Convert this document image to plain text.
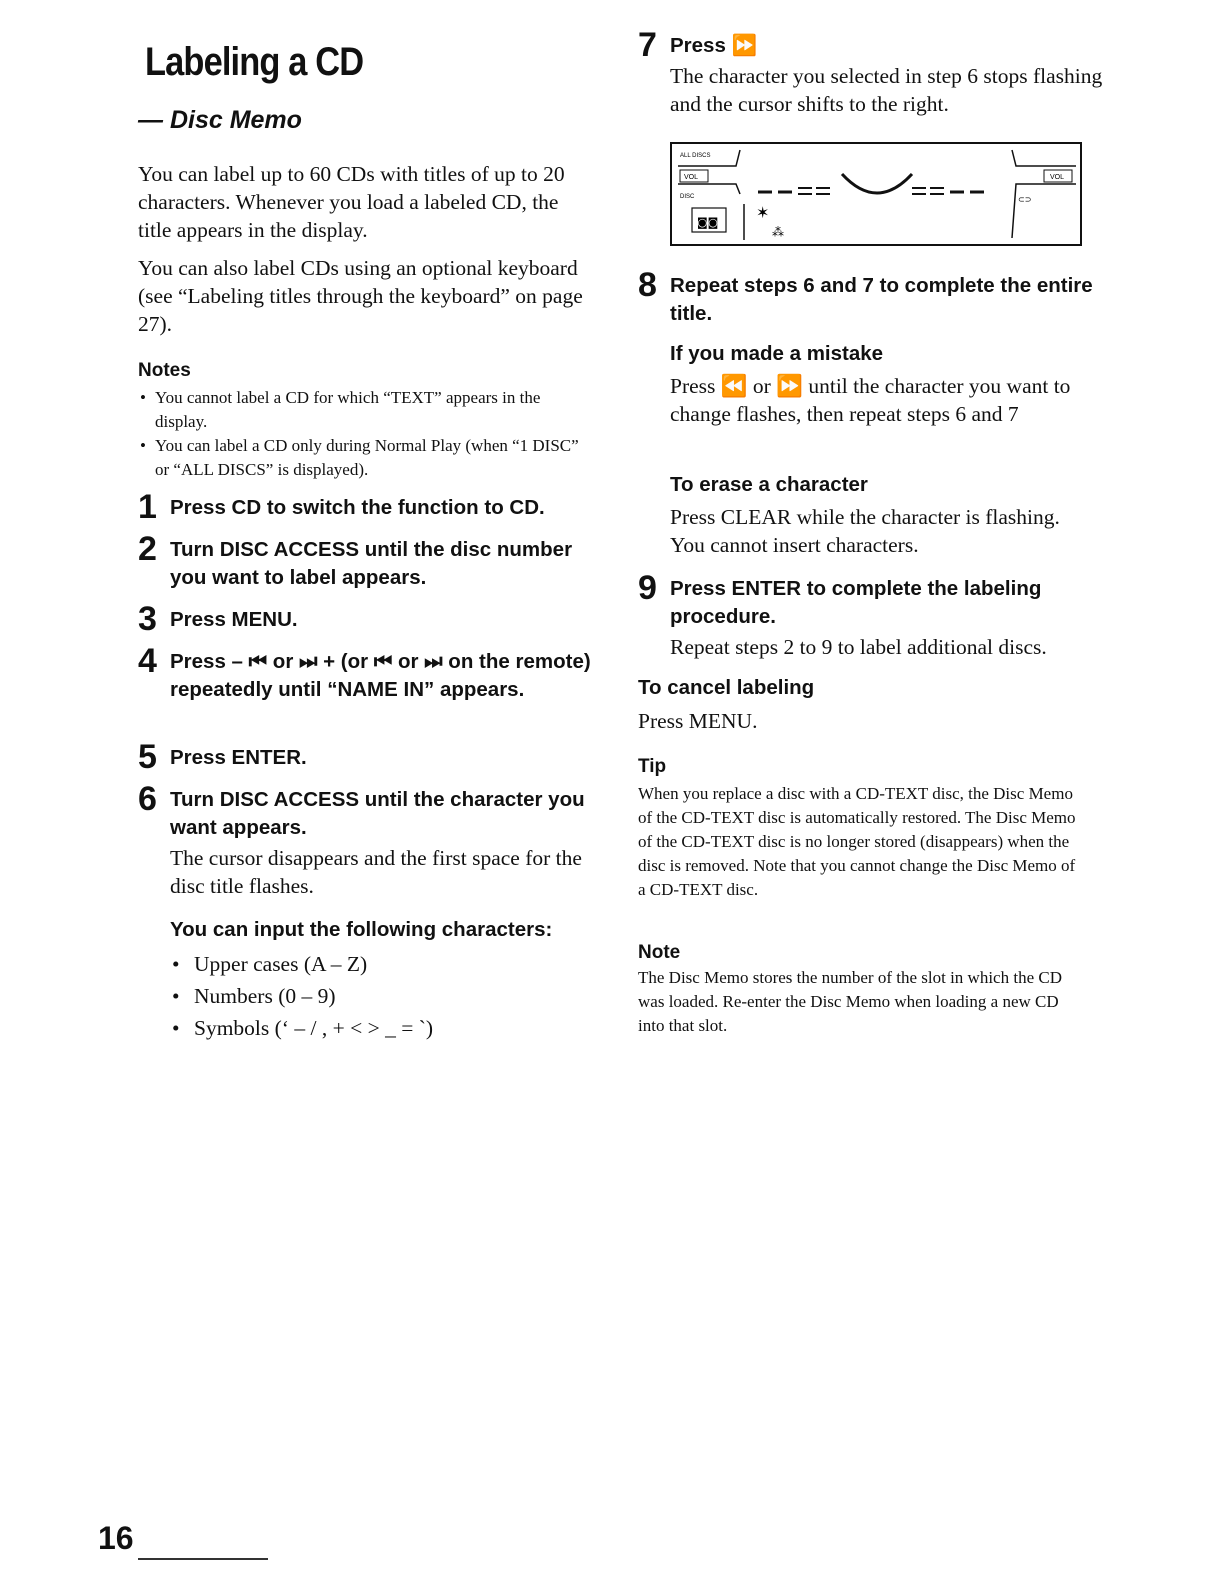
Labeling a CD
— Disc Memo

You can label up to 60 CDs with titles of up to 20 characters. Whenever you load a labeled CD, the title appears in the display.

You can also label CDs using an optional keyboard (see “Labeling titles through the keyboard” on page 27).

Notes
• You cannot label a CD for which “TEXT” appears in the display.
• You can label a CD only during Normal Play (when “1 DISC” or “ALL DISCS” is displayed).
1 Press CD to switch the function to CD.
2 Turn DISC ACCESS until the disc number you want to label appears.
3 Press MENU.
4 Press – ⏮ or ⏭ + (or ⏮ or ⏭ on the remote) repeatedly until “NAME IN” appears.
5 Press ENTER.
6 Turn DISC ACCESS until the character you want appears.
The cursor disappears and the first space for the disc title flashes.
You can input the following characters:
• Upper cases (A – Z)
• Numbers (0 – 9)
• Symbols (‘ – / , + < > _ = `)
7 Press ⏩
The character you selected in step 6 stops flashing and the cursor shifts to the right.
ALL DISCS
VOL
DISC
◙◙
✶
⁂
VOL
⊂⊃
8 Repeat steps 6 and 7 to complete the entire title.
If you made a mistake

Press ⏪ or ⏩ until the character you want to change flashes, then repeat steps 6 and 7

To erase a character

Press CLEAR while the character is flashing. You cannot insert characters.

9 Press ENTER to complete the labeling procedure.
Repeat steps 2 to 9 to label additional discs.
To cancel labeling

Press MENU.

Tip

When you replace a disc with a CD-TEXT disc, the Disc Memo of the CD-TEXT disc is automatically restored. The Disc Memo of the CD-TEXT disc is no longer stored (disappears) when the disc is removed. Note that you cannot change the Disc Memo of a CD-TEXT disc.

Note

The Disc Memo stores the number of the slot in which the CD was loaded. Re-enter the Disc Memo when loading a new CD into that slot.

16
